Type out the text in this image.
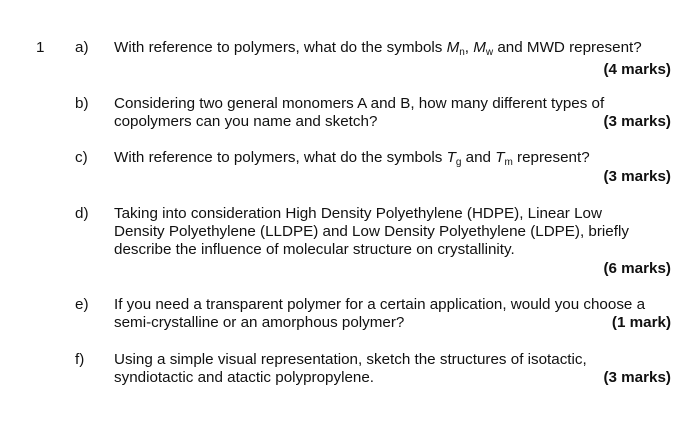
1 a) With reference to polymers, what do the symbols $M_n$, $M_w$ and MWD represent?
(4 marks)
b) Considering two general monomers A and B, how many different types of
copolymers can you name and sketch?	(3 marks)
c) With reference to polymers, what do the symbols $T_g$ and $T_m$ represent?
(3 marks)
d) Taking into consideration High Density Polyethylene (HDPE), Linear Low
Density Polyethylene (LLDPE) and Low Density Polyethylene (LDPE), briefly
describe the influence of molecular structure on crystallinity.
(6 marks)
e) If you need a transparent polymer for a certain application, would you choose a
semi-crystalline or an amorphous polymer?	(1 mark)
f) Using a simple visual representation, sketch the structures of isotactic,
syndiotactic and atactic polypropylene.	(3 marks)
